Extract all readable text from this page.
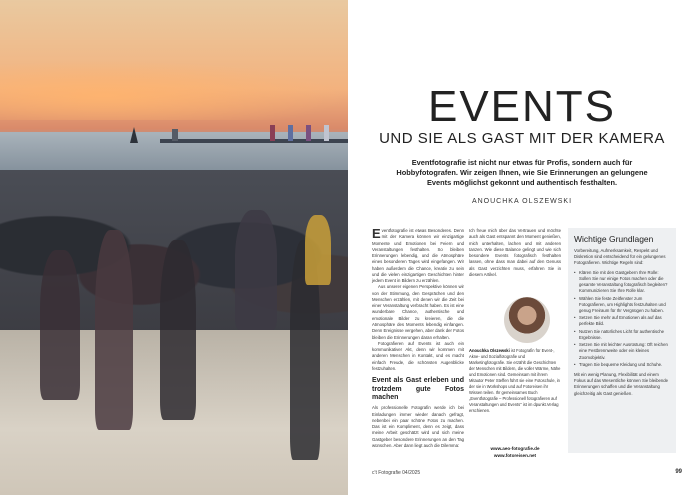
EVENTS
UND SIE ALS GAST MIT DER KAMERA
Eventfotografie ist nicht nur etwas für Profis, sondern auch für Hobbyfotografen. Wir zeigen Ihnen, wie Sie Erinnerungen an gelungene Events möglichst gekonnt und authentisch festhalten.
ANOUCHKA OLSZEWSKI

Eventfotografie ist etwas Besonderes. Denn mit der Kamera können wir einzigartige Momente und Emotionen bei Feiern und Veranstaltungen festhalten. So bleiben Erinnerungen lebendig, und die Atmosphäre eines besonderen Tages wird eingefangen. Wir haben außerdem die Chance, kreativ zu sein und die vielen einzigartigen Geschichten hinter jedem Event in Bildern zu erzählen.

Aus unserer eigenen Perspektive können wir von der Stimmung, den Gesprächen und den Menschen erzählen, mit denen wir die Zeit bei einer Veranstaltung verbracht haben. Es ist eine wunderbare Chance, authentische und emotionale Bilder zu kreieren, die die Atmosphäre des Moments lebendig einfangen. Denn Ereignisse vergehen, aber dank der Fotos bleiben die Erinnerungen daran erhalten.

Fotografieren auf Events ist auch ein kommunikativer Akt, denn wir kommen mit anderen Menschen in Kontakt, und es macht einfach Freude, die schönsten Augenblicke festzuhalten.

Event als Gast erleben und trotzdem gute Fotos machen

Als professionelle Fotografin werde ich bei Einladungen immer wieder danach gefragt, nebenbei ein paar schöne Fotos zu machen. Das ist ein Kompliment, denn es zeigt, dass meine Arbeit geschätzt wird und sich meine Gastgeber besondere Erinnerungen an den Tag wünschen. Aber dann liegt auch die Dilemma:

Ich freue mich über das Vertrauen und möchte auch als Gast entspannt den Moment genießen, mich unterhalten, lachen und mit anderen tanzen. Wie diese Balance gelingt und wie sich besondere Events fotografisch festhalten lassen, ohne dass man dabei auf den Genuss als Gast verzichten muss, erfahren Sie in diesem Artikel.

Anouchka Olszewski ist Fotografin für Event-, Akne- und Sozialfotografie und Marketingfotografie. Sie erzählt die Geschichten der Menschen mit Bildern, die voller Wärme, Nähe und Emotionen sind. Gemeinsam mit ihrem Mitautor Peter Steffen führt sie eine Fotoschule, in der sie in Workshops und auf Fotoreisen ihr Wissen teilen. Ihr gemeinsames Buch „Eventfotografie – Professionell fotografieren auf Veranstaltungen und Events" ist im dpunkt.Verlag erschienen.
www.aeo-fotografie.de
www.fotoreisen.net
Wichtige Grundlagen

Vorbereitung, Aufmerksamkeit, Respekt und Diskretion sind entscheidend für ein gelungenes Fotografieren. Wichtige Regeln sind:

• Klären Sie mit den Gastgebern Ihre Rolle: Sollen Sie nur einige Fotos machen oder die gesamte Veranstaltung fotografisch begleiten? Kommunizieren Sie Ihre Rolle klar.
• Wählen Sie feste Zeitfenster zum Fotografieren, um Highlights festzuhalten und genug Freiraum für Ihr Vergnügen zu haben.
• Setzen Sie mehr auf Emotionen als auf das perfekte Bild.
• Nutzen Sie natürliches Licht für authentische Ergebnisse.
• Setzen Sie mit leichter Ausrüstung: Oft reichen eine Festbrennweite oder ein kleines Zoomobjektiv.
• Tragen Sie bequeme Kleidung und Schuhe.

Mit ein wenig Planung, Flexibilität und einem Fokus auf das Wesentliche können Sie bleibende Erinnerungen schaffen und die Veranstaltung gleichzeitig als Gast genießen.

c't Fotografie 04/2025	99
